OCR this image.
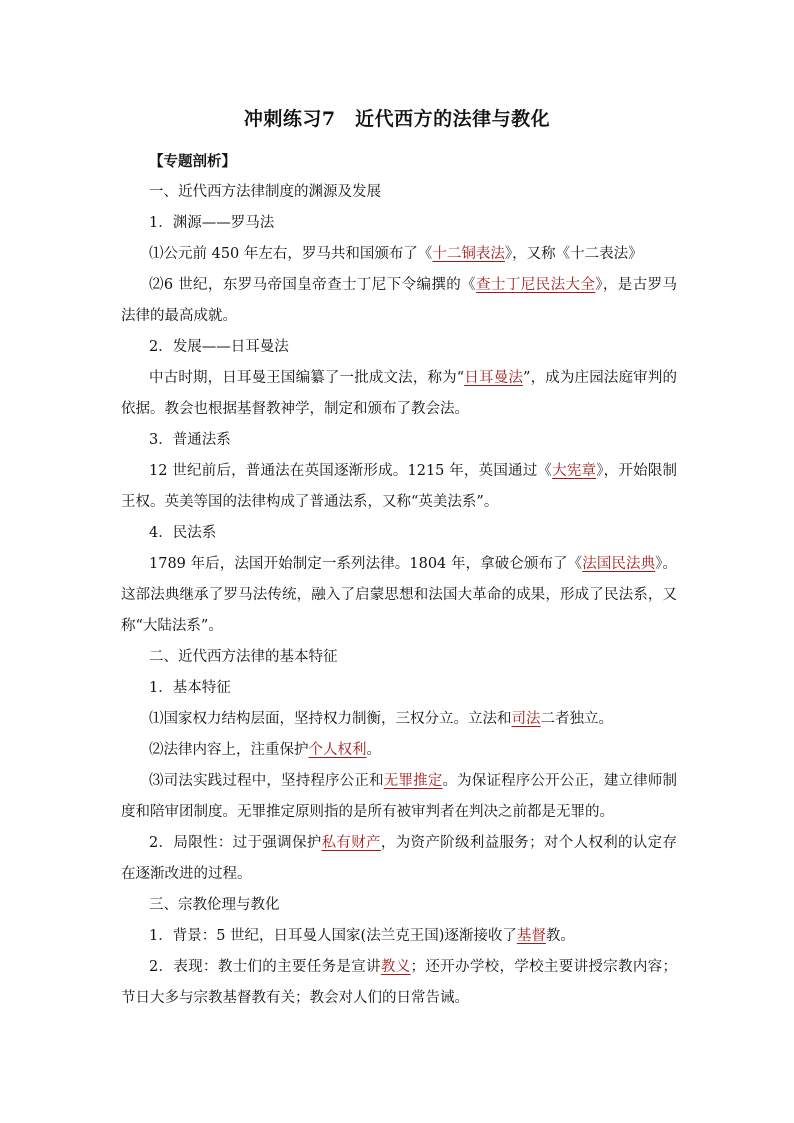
冲刺练习7　近代西方的法律与教化

【专题剖析】

一、近代西方法律制度的渊源及发展

1．渊源——罗马法

⑴公元前 450 年左右，罗马共和国颁布了《十二铜表法》，又称《十二表法》

⑵6 世纪，东罗马帝国皇帝查士丁尼下令编撰的《查士丁尼民法大全》，是古罗马法律的最高成就。

2．发展——日耳曼法

中古时期，日耳曼王国编纂了一批成文法，称为“日耳曼法”，成为庄园法庭审判的依据。教会也根据基督教神学，制定和颁布了教会法。

3．普通法系

12 世纪前后，普通法在英国逐渐形成。1215 年，英国通过《大宪章》，开始限制王权。英美等国的法律构成了普通法系，又称“英美法系”。

4．民法系

1789 年后，法国开始制定一系列法律。1804 年，拿破仑颁布了《法国民法典》。这部法典继承了罗马法传统，融入了启蒙思想和法国大革命的成果，形成了民法系，又称“大陆法系”。

二、近代西方法律的基本特征

1．基本特征

⑴国家权力结构层面，坚持权力制衡，三权分立。立法和司法二者独立。

⑵法律内容上，注重保护个人权利。

⑶司法实践过程中，坚持程序公正和无罪推定。为保证程序公开公正，建立律师制度和陪审团制度。无罪推定原则指的是所有被审判者在判决之前都是无罪的。

2．局限性：过于强调保护私有财产，为资产阶级利益服务；对个人权利的认定存在逐渐改进的过程。

三、宗教伦理与教化

1．背景：5 世纪，日耳曼人国家(法兰克王国)逐渐接收了基督教。

2．表现：教士们的主要任务是宣讲教义；还开办学校，学校主要讲授宗教内容；节日大多与宗教基督教有关；教会对人们的日常告诫。
